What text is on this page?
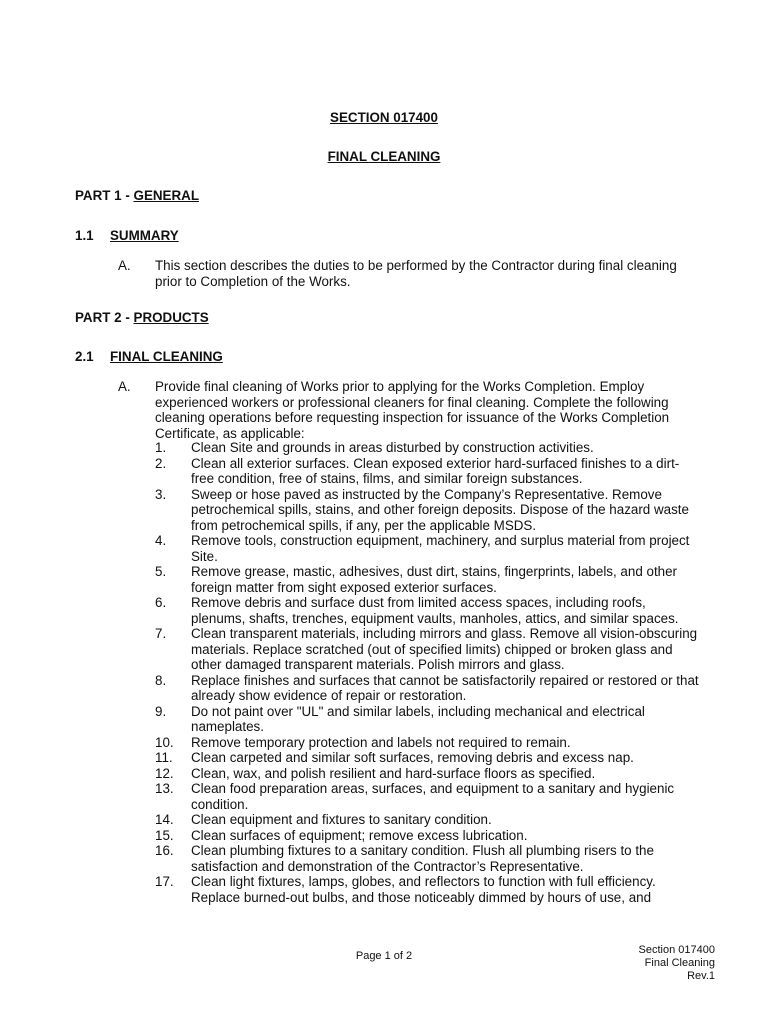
SECTION 017400
FINAL CLEANING
PART 1 - GENERAL
1.1 SUMMARY
A. This section describes the duties to be performed by the Contractor during final cleaning prior to Completion of the Works.
PART 2 - PRODUCTS
2.1 FINAL CLEANING
A. Provide final cleaning of Works prior to applying for the Works Completion. Employ experienced workers or professional cleaners for final cleaning. Complete the following cleaning operations before requesting inspection for issuance of the Works Completion Certificate, as applicable:
1. Clean Site and grounds in areas disturbed by construction activities.
2. Clean all exterior surfaces. Clean exposed exterior hard-surfaced finishes to a dirt-free condition, free of stains, films, and similar foreign substances.
3. Sweep or hose paved as instructed by the Company’s Representative. Remove petrochemical spills, stains, and other foreign deposits. Dispose of the hazard waste from petrochemical spills, if any, per the applicable MSDS.
4. Remove tools, construction equipment, machinery, and surplus material from project Site.
5. Remove grease, mastic, adhesives, dust dirt, stains, fingerprints, labels, and other foreign matter from sight exposed exterior surfaces.
6. Remove debris and surface dust from limited access spaces, including roofs, plenums, shafts, trenches, equipment vaults, manholes, attics, and similar spaces.
7. Clean transparent materials, including mirrors and glass. Remove all vision-obscuring materials. Replace scratched (out of specified limits) chipped or broken glass and other damaged transparent materials. Polish mirrors and glass.
8. Replace finishes and surfaces that cannot be satisfactorily repaired or restored or that already show evidence of repair or restoration.
9. Do not paint over "UL" and similar labels, including mechanical and electrical nameplates.
10. Remove temporary protection and labels not required to remain.
11. Clean carpeted and similar soft surfaces, removing debris and excess nap.
12. Clean, wax, and polish resilient and hard-surface floors as specified.
13. Clean food preparation areas, surfaces, and equipment to a sanitary and hygienic condition.
14. Clean equipment and fixtures to sanitary condition.
15. Clean surfaces of equipment; remove excess lubrication.
16. Clean plumbing fixtures to a sanitary condition. Flush all plumbing risers to the satisfaction and demonstration of the Contractor’s Representative.
17. Clean light fixtures, lamps, globes, and reflectors to function with full efficiency. Replace burned-out bulbs, and those noticeably dimmed by hours of use, and
Page 1 of 2	Section 017400
Final Cleaning
Rev.1
